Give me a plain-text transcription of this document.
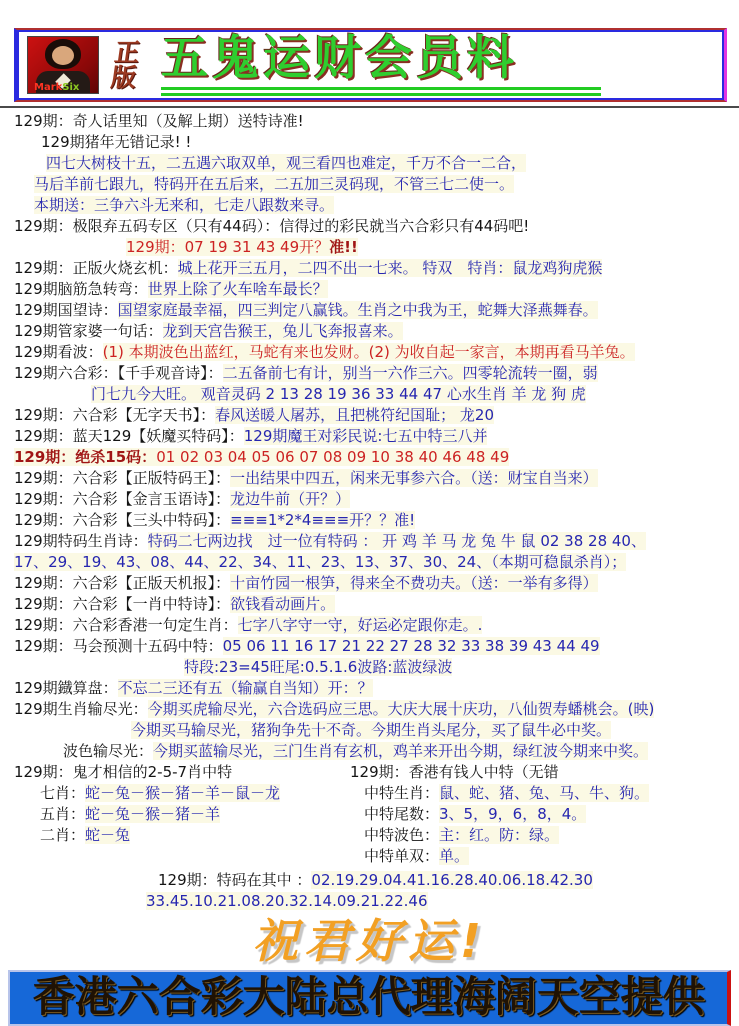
MarkSix
正版 五鬼运财会员料
129期：奇人话里知（及解上期）送特诗准!
129期猪年无错记录! !
四七大树枝十五，二五遇六取双单，观三看四也难定，千万不合一二合，
马后羊前七跟九，特码开在五后来，二五加三灵码现，不管三七二使一。
本期送：三争六斗无来和，七走八跟数来寻。
129期：极限弃五码专区（只有44码）：信得过的彩民就当六合彩只有44码吧!
129期：07 19 31 43 49开？准!!
129期：正版火烧玄机：城上花开三五月，二四不出一七来。 特双　特肖：鼠龙鸡狗虎猴
129期脑筋急转弯：世界上除了火车啥车最长？
129期国望诗：国望家庭最幸福，四三判定八赢钱。生肖之中我为王，蛇舞大泽燕舞春。
129期管家婆一句话：龙到天宫告猴王，兔儿飞奔报喜来。
129期看波：(1) 本期波色出蓝红，马蛇有来也发财。(2) 为收自起一家言，本期再看马羊兔。
129期六合彩：【千手观音诗】：二五备前七有计，别当一六作三六。四零轮流转一圈，弱
门七九今大旺。 观音灵码 2 13 28 19 36 33 44 47 心水生肖 羊 龙 狗 虎
129期：六合彩【无字天书】：春风送暖人屠苏，且把桃符纪国耻； 龙20
129期：蓝天129【妖魔买特码】：129期魔王对彩民说:七五中特三八并
129期：绝杀15码：01 02 03 04 05 06 07 08 09 10 38 40 46 48 49
129期：六合彩【正版特码王】：一出结果中四五，闲来无事参六合。（送：财宝自当来）
129期：六合彩【金言玉语诗】：龙边牛前（开？）
129期：六合彩【三头中特码】：≡≡≡1*2*4≡≡≡开？？准!
129期特码生肖诗：特码二七两边找　过一位有特码 ： 开 鸡 羊 马 龙 兔 牛 鼠 02 38 28 40、
17、29、19、43、08、44、22、34、11、23、13、37、30、24、（本期可稳鼠杀肖）；
129期：六合彩【正版天机报】：十亩竹园一根笋，得来全不费功夫。（送：一举有多得）
129期：六合彩【一肖中特诗】：欲钱看动画片。
129期：六合彩香港一句定生肖：七字八字守一守，好运必定跟你走。.
129期：马会预测十五码中特：05 06 11 16 17 21 22 27 28 32 33 38 39 43 44 49
特段:23=45旺尾:0.5.1.6波路:蓝波绿波
129期鐡算盘：不忘二三还有五（输赢自当知）开：？
129期生肖输尽光：今期买虎输尽光，六合选码应三思。大庆大展十庆功，八仙贺寿蟠桃会。(映)
今期买马输尽光，猪狗争先十不奇。今期生肖头尾分，买了鼠牛必中奖。
波色输尽光：今期买蓝输尽光，三门生肖有玄机，鸡羊来开出今期，绿红波今期来中奖。
129期：鬼才相信的2-5-7肖中特
七肖：蛇－兔－猴－猪－羊－鼠－龙
五肖：蛇－兔－猴－猪－羊
二肖：蛇－兔
129期：香港有钱人中特（无错
中特生肖：鼠、蛇、猪、兔、马、牛、狗。
中特尾数：3、5，9，6，8，4。
中特波色：主：红。防：绿。
中特单双：单。
129期：特码在其中 ：02.19.29.04.41.16.28.40.06.18.42.30
33.45.10.21.08.20.32.14.09.21.22.46
祝君好运!
香港六合彩大陆总代理海阔天空提供
